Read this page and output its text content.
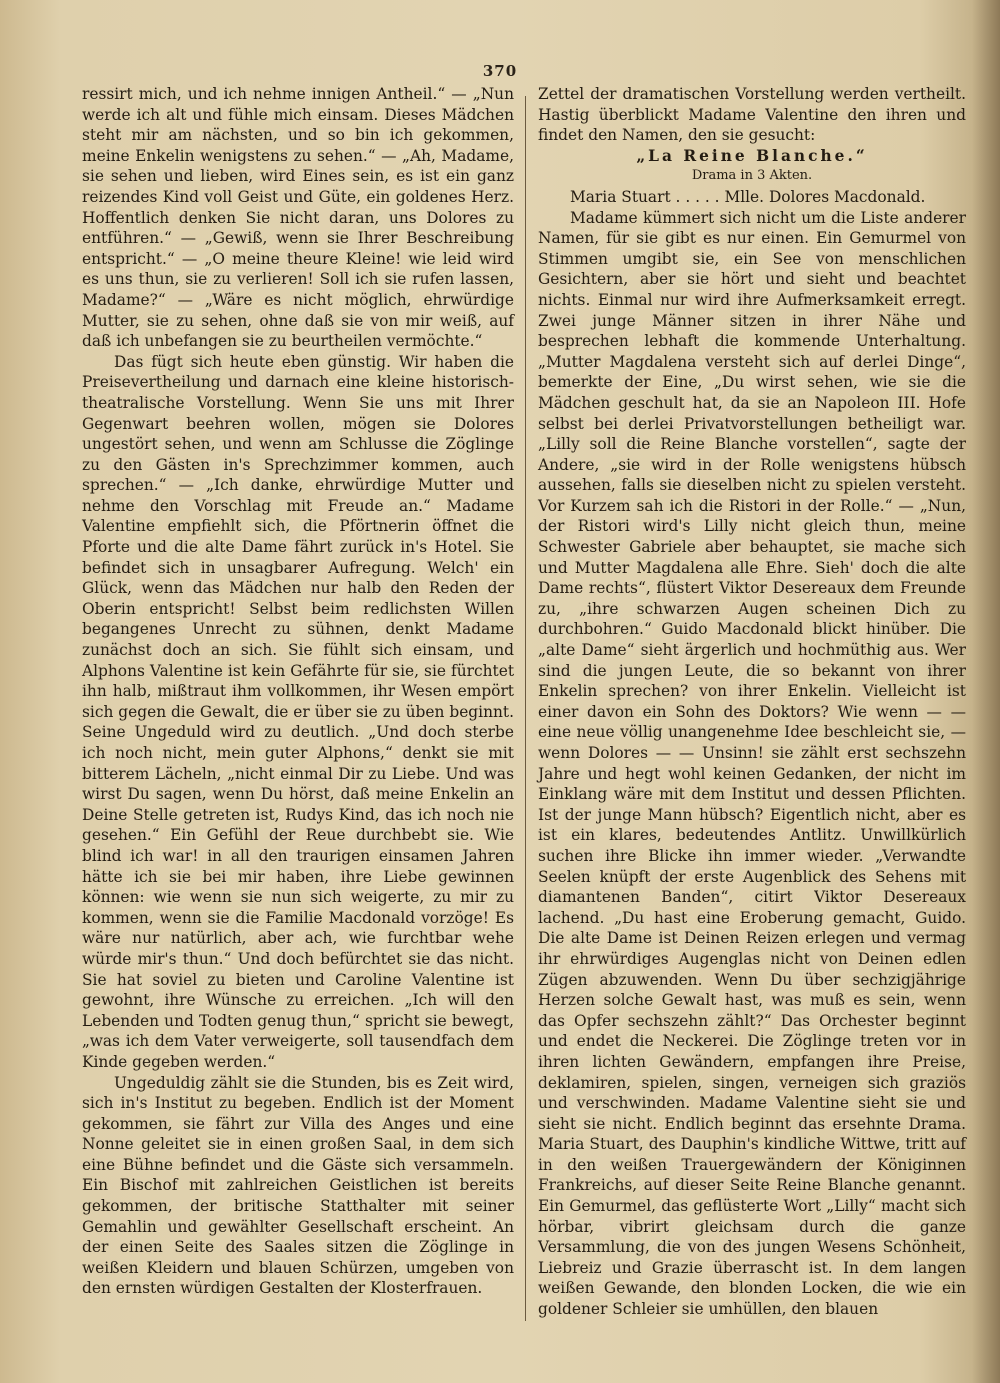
370

ressirt mich, und ich nehme innigen Antheil.“ — „Nun werde ich alt und fühle mich einsam. Dieses Mädchen steht mir am nächsten, und so bin ich gekommen, meine Enkelin wenigstens zu sehen.“ — „Ah, Madame, sie sehen und lieben, wird Eines sein, es ist ein ganz reizendes Kind voll Geist und Güte, ein goldenes Herz. Hoffentlich denken Sie nicht daran, uns Dolores zu entführen.“ — „Gewiß, wenn sie Ihrer Beschreibung entspricht.“ — „O meine theure Kleine! wie leid wird es uns thun, sie zu verlieren! Soll ich sie rufen lassen, Madame?“ — „Wäre es nicht möglich, ehrwürdige Mutter, sie zu sehen, ohne daß sie von mir weiß, auf daß ich unbefangen sie zu beurtheilen vermöchte.“

Das fügt sich heute eben günstig. Wir haben die Preisevertheilung und darnach eine kleine historisch-theatralische Vorstellung. Wenn Sie uns mit Ihrer Gegenwart beehren wollen, mögen sie Dolores ungestört sehen, und wenn am Schlusse die Zöglinge zu den Gästen in's Sprechzimmer kommen, auch sprechen.“ — „Ich danke, ehrwürdige Mutter und nehme den Vorschlag mit Freude an.“ Madame Valentine empfiehlt sich, die Pförtnerin öffnet die Pforte und die alte Dame fährt zurück in's Hotel. Sie befindet sich in unsagbarer Aufregung. Welch' ein Glück, wenn das Mädchen nur halb den Reden der Oberin entspricht! Selbst beim redlichsten Willen begangenes Unrecht zu sühnen, denkt Madame zunächst doch an sich. Sie fühlt sich einsam, und Alphons Valentine ist kein Gefährte für sie, sie fürchtet ihn halb, mißtraut ihm vollkommen, ihr Wesen empört sich gegen die Gewalt, die er über sie zu üben beginnt. Seine Ungeduld wird zu deutlich. „Und doch sterbe ich noch nicht, mein guter Alphons,“ denkt sie mit bitterem Lächeln, „nicht einmal Dir zu Liebe. Und was wirst Du sagen, wenn Du hörst, daß meine Enkelin an Deine Stelle getreten ist, Rudys Kind, das ich noch nie gesehen.“ Ein Gefühl der Reue durchbebt sie. Wie blind ich war! in all den traurigen einsamen Jahren hätte ich sie bei mir haben, ihre Liebe gewinnen können: wie wenn sie nun sich weigerte, zu mir zu kommen, wenn sie die Familie Macdonald vorzöge! Es wäre nur natürlich, aber ach, wie furchtbar wehe würde mir's thun.“ Und doch befürchtet sie das nicht. Sie hat soviel zu bieten und Caroline Valentine ist gewohnt, ihre Wünsche zu erreichen. „Ich will den Lebenden und Todten genug thun,“ spricht sie bewegt, „was ich dem Vater verweigerte, soll tausendfach dem Kinde gegeben werden.“

Ungeduldig zählt sie die Stunden, bis es Zeit wird, sich in's Institut zu begeben. Endlich ist der Moment gekommen, sie fährt zur Villa des Anges und eine Nonne geleitet sie in einen großen Saal, in dem sich eine Bühne befindet und die Gäste sich versammeln. Ein Bischof mit zahlreichen Geistlichen ist bereits gekommen, der britische Statthalter mit seiner Gemahlin und gewählter Gesellschaft erscheint. An der einen Seite des Saales sitzen die Zöglinge in weißen Kleidern und blauen Schürzen, umgeben von den ernsten würdigen Gestalten der Klosterfrauen.

Zettel der dramatischen Vorstellung werden vertheilt. Hastig überblickt Madame Valentine den ihren und findet den Namen, den sie gesucht:

„La Reine Blanche.“

Drama in 3 Akten.

Maria Stuart . . . . . Mlle. Dolores Macdonald.

Madame kümmert sich nicht um die Liste anderer Namen, für sie gibt es nur einen. Ein Gemurmel von Stimmen umgibt sie, ein See von menschlichen Gesichtern, aber sie hört und sieht und beachtet nichts. Einmal nur wird ihre Aufmerksamkeit erregt. Zwei junge Männer sitzen in ihrer Nähe und besprechen lebhaft die kommende Unterhaltung. „Mutter Magdalena versteht sich auf derlei Dinge“, bemerkte der Eine, „Du wirst sehen, wie sie die Mädchen geschult hat, da sie an Napoleon III. Hofe selbst bei derlei Privatvorstellungen betheiligt war. „Lilly soll die Reine Blanche vorstellen“, sagte der Andere, „sie wird in der Rolle wenigstens hübsch aussehen, falls sie dieselben nicht zu spielen versteht. Vor Kurzem sah ich die Ristori in der Rolle.“ — „Nun, der Ristori wird's Lilly nicht gleich thun, meine Schwester Gabriele aber behauptet, sie mache sich und Mutter Magdalena alle Ehre. Sieh' doch die alte Dame rechts“, flüstert Viktor Desereaux dem Freunde zu, „ihre schwarzen Augen scheinen Dich zu durchbohren.“ Guido Macdonald blickt hinüber. Die „alte Dame“ sieht ärgerlich und hochmüthig aus. Wer sind die jungen Leute, die so bekannt von ihrer Enkelin sprechen? von ihrer Enkelin. Vielleicht ist einer davon ein Sohn des Doktors? Wie wenn — — eine neue völlig unangenehme Idee beschleicht sie, — wenn Dolores — — Unsinn! sie zählt erst sechszehn Jahre und hegt wohl keinen Gedanken, der nicht im Einklang wäre mit dem Institut und dessen Pflichten. Ist der junge Mann hübsch? Eigentlich nicht, aber es ist ein klares, bedeutendes Antlitz. Unwillkürlich suchen ihre Blicke ihn immer wieder. „Verwandte Seelen knüpft der erste Augenblick des Sehens mit diamantenen Banden“, citirt Viktor Desereaux lachend. „Du hast eine Eroberung gemacht, Guido. Die alte Dame ist Deinen Reizen erlegen und vermag ihr ehrwürdiges Augenglas nicht von Deinen edlen Zügen abzuwenden. Wenn Du über sechzigjährige Herzen solche Gewalt hast, was muß es sein, wenn das Opfer sechszehn zählt?“ Das Orchester beginnt und endet die Neckerei. Die Zöglinge treten vor in ihren lichten Gewändern, empfangen ihre Preise, deklamiren, spielen, singen, verneigen sich graziös und verschwinden. Madame Valentine sieht sie und sieht sie nicht. Endlich beginnt das ersehnte Drama. Maria Stuart, des Dauphin's kindliche Wittwe, tritt auf in den weißen Trauergewändern der Königinnen Frankreichs, auf dieser Seite Reine Blanche genannt. Ein Gemurmel, das geflüsterte Wort „Lilly“ macht sich hörbar, vibrirt gleichsam durch die ganze Versammlung, die von des jungen Wesens Schönheit, Liebreiz und Grazie überrascht ist. In dem langen weißen Gewande, den blonden Locken, die wie ein goldener Schleier sie umhüllen, den blauen
